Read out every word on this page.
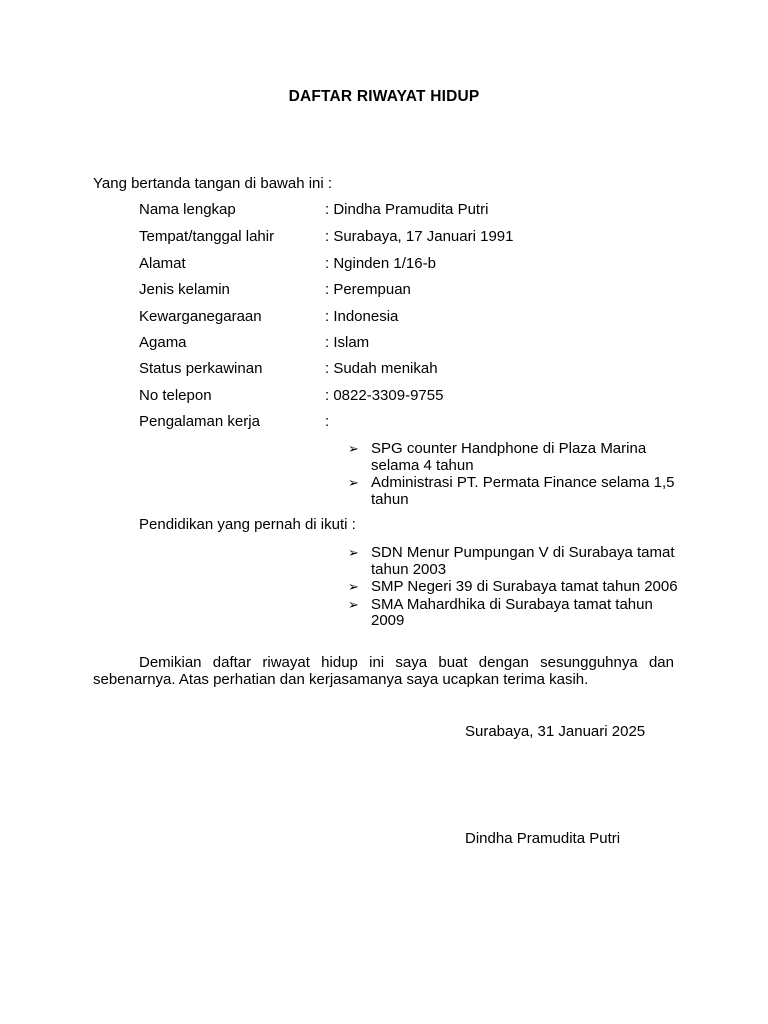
DAFTAR RIWAYAT HIDUP
Yang bertanda tangan di bawah ini :
Nama lengkap	: Dindha Pramudita Putri
Tempat/tanggal lahir	: Surabaya, 17 Januari 1991
Alamat	: Nginden 1/16-b
Jenis kelamin	: Perempuan
Kewarganegaraan	: Indonesia
Agama	: Islam
Status perkawinan	: Sudah menikah
No telepon	: 0822-3309-9755
Pengalaman kerja	:
➢ SPG counter Handphone di Plaza Marina selama 4 tahun
➢ Administrasi PT. Permata Finance selama 1,5 tahun
Pendidikan yang pernah di ikuti :
➢ SDN Menur Pumpungan V di Surabaya tamat tahun 2003
➢ SMP Negeri 39 di Surabaya tamat tahun 2006
➢ SMA Mahardhika di Surabaya tamat tahun 2009
Demikian daftar riwayat hidup ini saya buat dengan sesungguhnya dan sebenarnya. Atas perhatian dan kerjasamanya saya ucapkan terima kasih.
Surabaya, 31 Januari 2025
Dindha Pramudita Putri
